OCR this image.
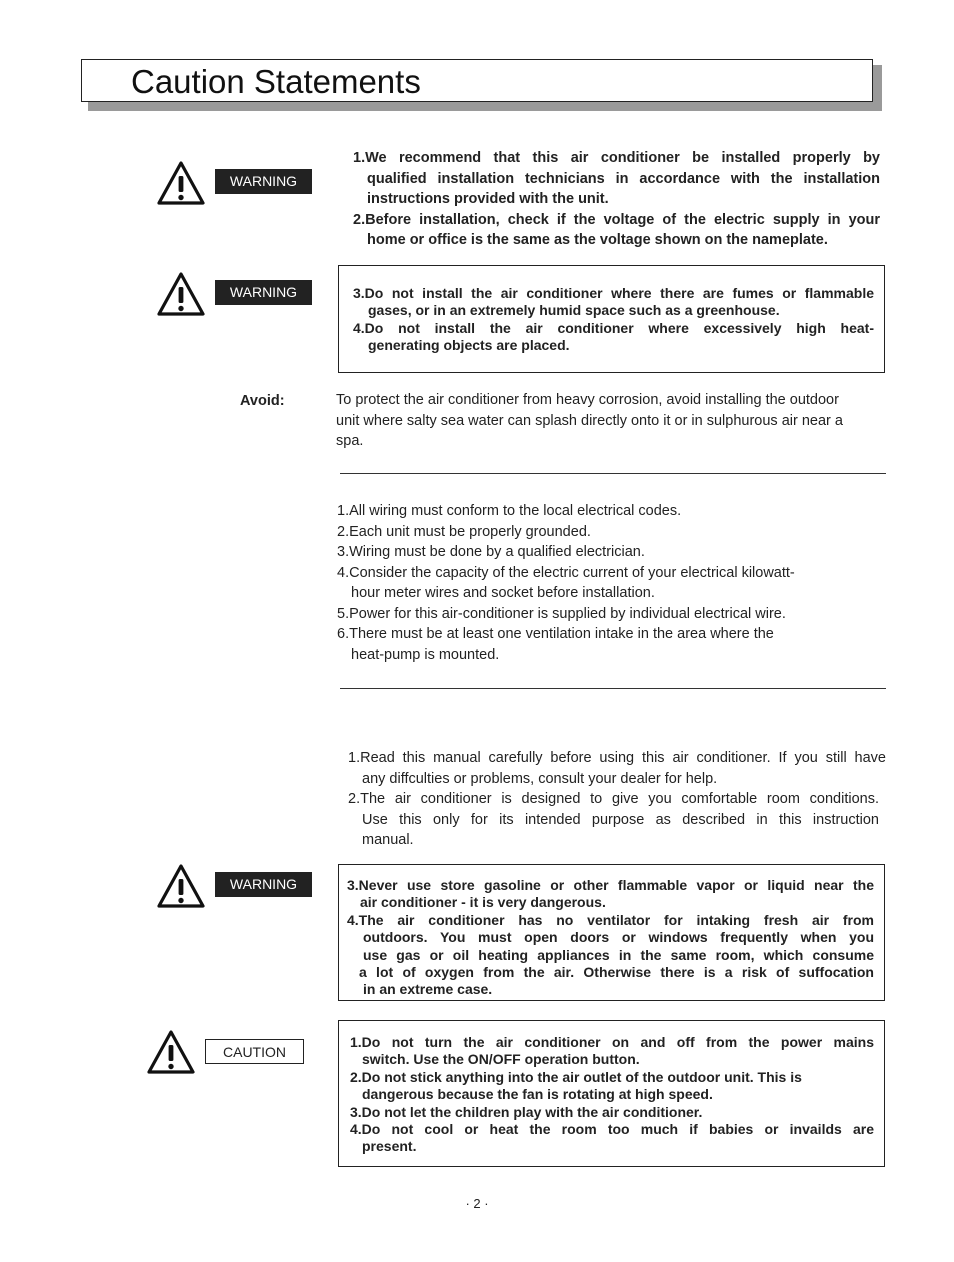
Caution Statements
WARNING
1.We recommend that this air conditioner be installed properly by
qualified installation technicians in accordance with the installation
instructions provided with the unit.
2.Before installation, check if the voltage of the electric supply in your
home or office is the same as the voltage shown on the nameplate.
WARNING	3.Do not install the air conditioner where there are fumes or flammable
gases, or in an extremely humid space such as a greenhouse.
4.Do not install the air conditioner where excessively high heat-
generating objects are placed.
Avoid:	To protect the air conditioner from heavy corrosion, avoid installing the outdoor
unit where salty sea water can splash directly onto it or in sulphurous air near a
spa.
1.All wiring must conform to the local electrical codes.
2.Each unit must be properly grounded.
3.Wiring must be done by a qualified electrician.
4.Consider the capacity of the electric current of your electrical kilowatt-
hour meter wires and socket before installation.
5.Power for this air-conditioner is supplied by individual electrical wire.
6.There must be at least one ventilation intake in the area where the
heat-pump is mounted.
1.Read this manual carefully before using this air conditioner. If you still have
any diffculties or problems, consult your dealer for help.
2.The air conditioner is designed to give you comfortable room conditions.
Use this only for its intended purpose as described in this instruction
manual.
WARNING	3.Never use store gasoline or other flammable vapor or liquid near the
air conditioner - it is very dangerous.
4.The air conditioner has no ventilator for intaking fresh air from
outdoors. You must open doors or windows frequently when you
use gas or oil heating appliances in the same room, which consume
a lot of oxygen from the air. Otherwise there is a risk of suffocation
in an extreme case.
CAUTION
1.Do not turn the air conditioner on and off from the power mains
switch. Use the ON/OFF operation button.
2.Do not stick anything into the air outlet of the outdoor unit. This is
dangerous because the fan is rotating at high speed.
3.Do not let the children play with the air conditioner.
4.Do not cool or heat the room too much if babies or invailds are
present.
· 2 ·
